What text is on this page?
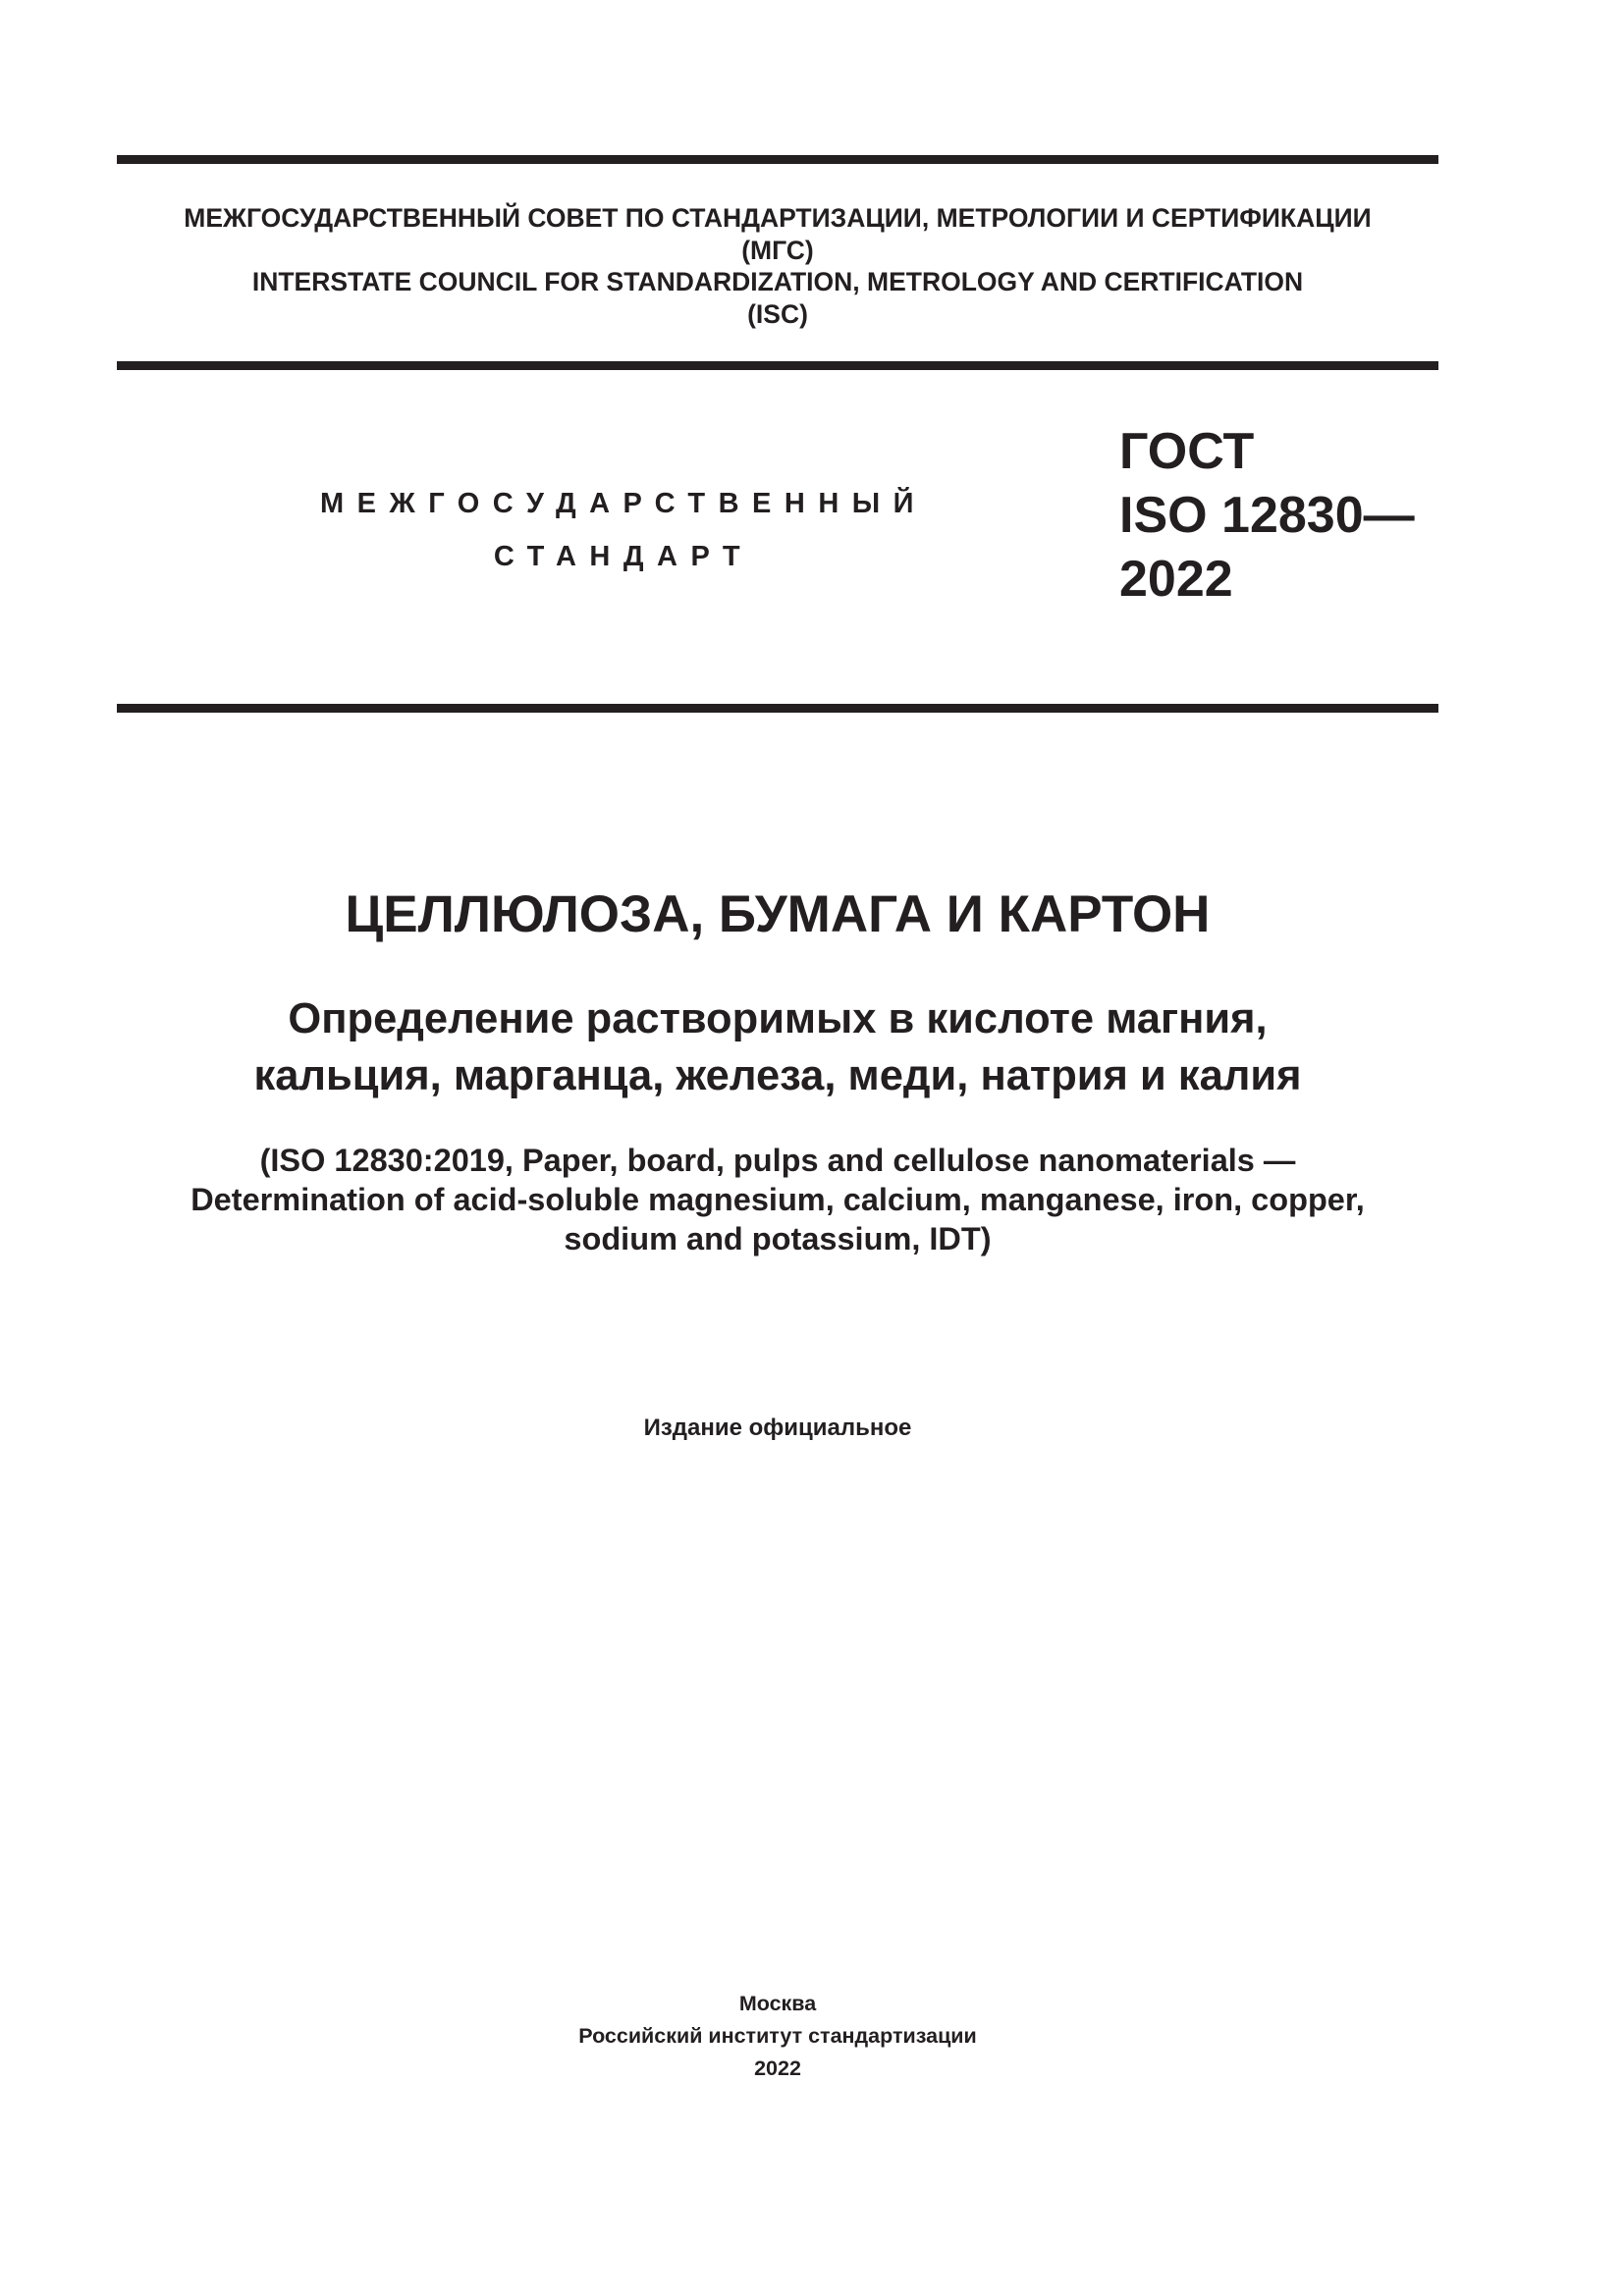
МЕЖГОСУДАРСТВЕННЫЙ СОВЕТ ПО СТАНДАРТИЗАЦИИ, МЕТРОЛОГИИ И СЕРТИФИКАЦИИ
(МГС)
INTERSTATE COUNCIL FOR STANDARDIZATION, METROLOGY AND CERTIFICATION
(ISC)
МЕЖГОСУДАРСТВЕННЫЙ
СТАНДАРТ
ГОСТ
ISO 12830—
2022
ЦЕЛЛЮЛОЗА, БУМАГА И КАРТОН
Определение растворимых в кислоте магния,
кальция, марганца, железа, меди, натрия и калия
(ISO 12830:2019, Paper, board, pulps and cellulose nanomaterials —
Determination of acid-soluble magnesium, calcium, manganese, iron, copper,
sodium and potassium, IDT)
Издание официальное
Москва
Российский институт стандартизации
2022
